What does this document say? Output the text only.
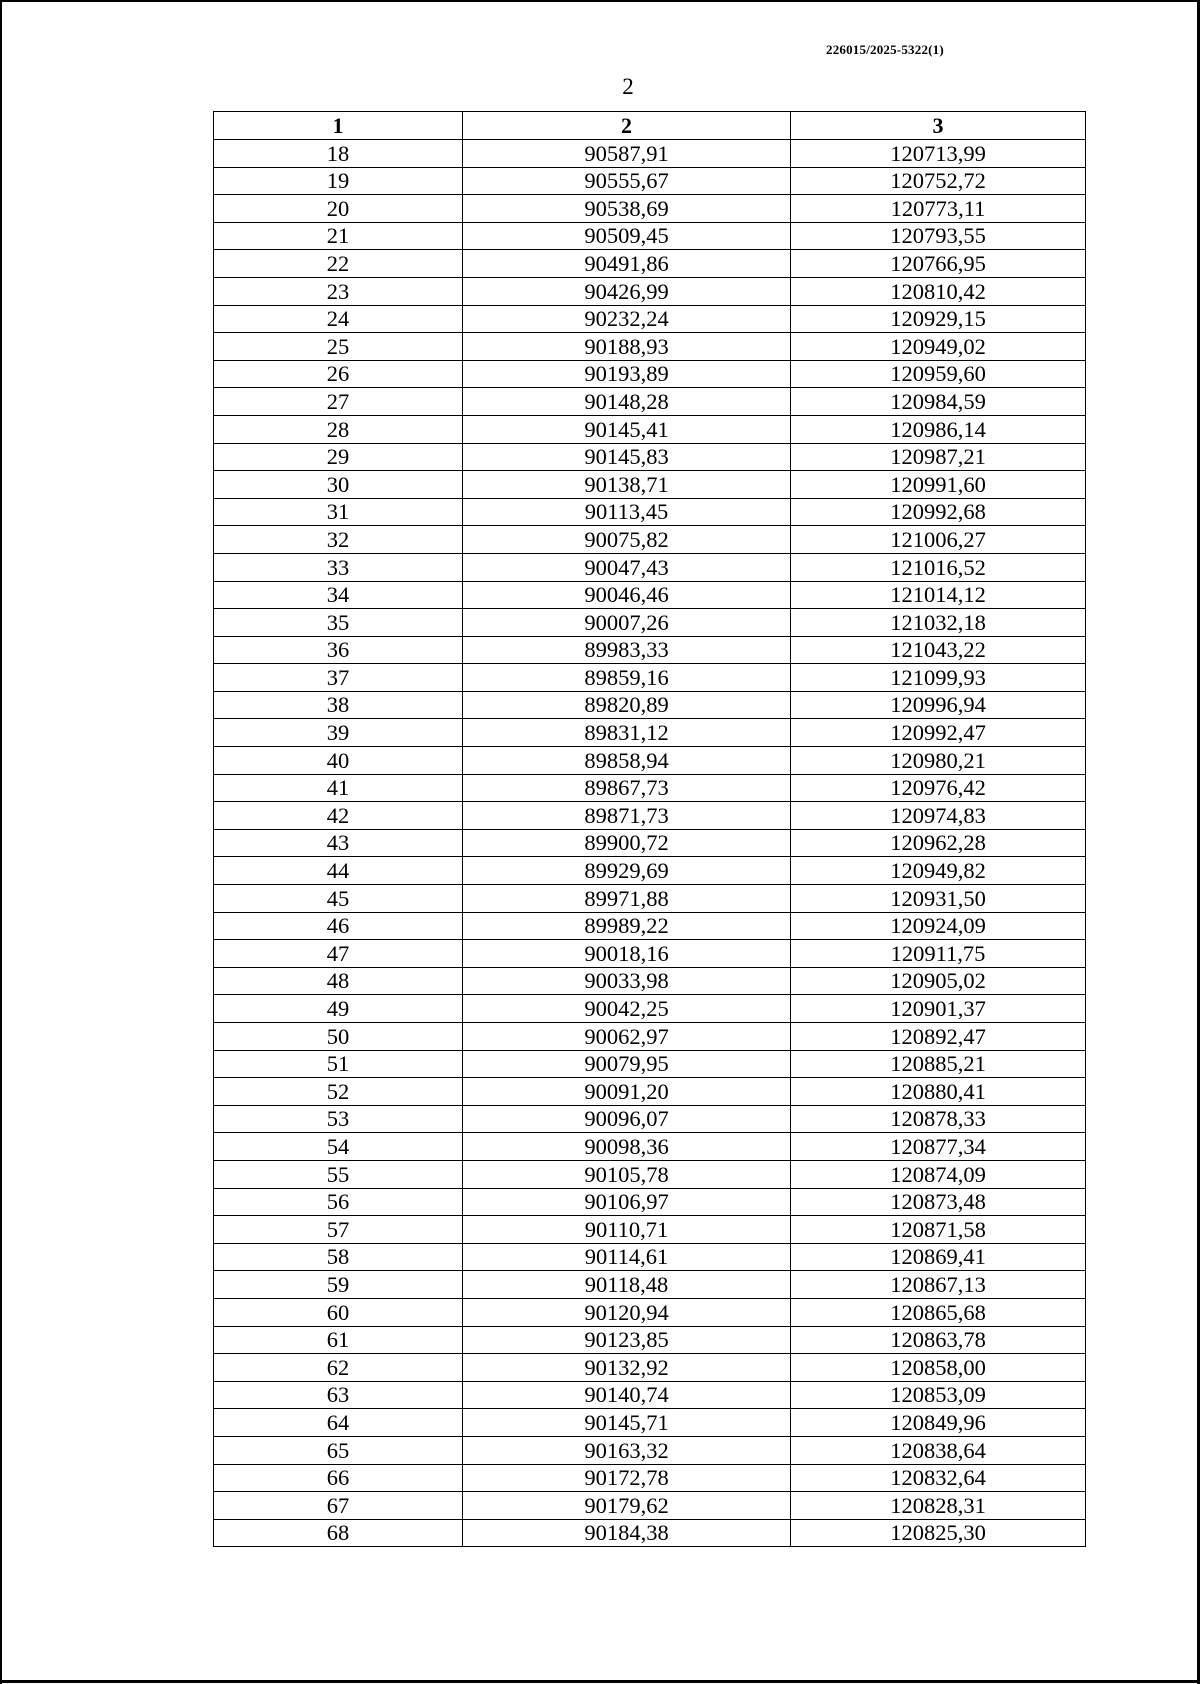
226015/2025-5322(1)
2
1	2	3
18	90587,91	120713,99
19	90555,67	120752,72
20	90538,69	120773,11
21	90509,45	120793,55
22	90491,86	120766,95
23	90426,99	120810,42
24	90232,24	120929,15
25	90188,93	120949,02
26	90193,89	120959,60
27	90148,28	120984,59
28	90145,41	120986,14
29	90145,83	120987,21
30	90138,71	120991,60
31	90113,45	120992,68
32	90075,82	121006,27
33	90047,43	121016,52
34	90046,46	121014,12
35	90007,26	121032,18
36	89983,33	121043,22
37	89859,16	121099,93
38	89820,89	120996,94
39	89831,12	120992,47
40	89858,94	120980,21
41	89867,73	120976,42
42	89871,73	120974,83
43	89900,72	120962,28
44	89929,69	120949,82
45	89971,88	120931,50
46	89989,22	120924,09
47	90018,16	120911,75
48	90033,98	120905,02
49	90042,25	120901,37
50	90062,97	120892,47
51	90079,95	120885,21
52	90091,20	120880,41
53	90096,07	120878,33
54	90098,36	120877,34
55	90105,78	120874,09
56	90106,97	120873,48
57	90110,71	120871,58
58	90114,61	120869,41
59	90118,48	120867,13
60	90120,94	120865,68
61	90123,85	120863,78
62	90132,92	120858,00
63	90140,74	120853,09
64	90145,71	120849,96
65	90163,32	120838,64
66	90172,78	120832,64
67	90179,62	120828,31
68	90184,38	120825,30
